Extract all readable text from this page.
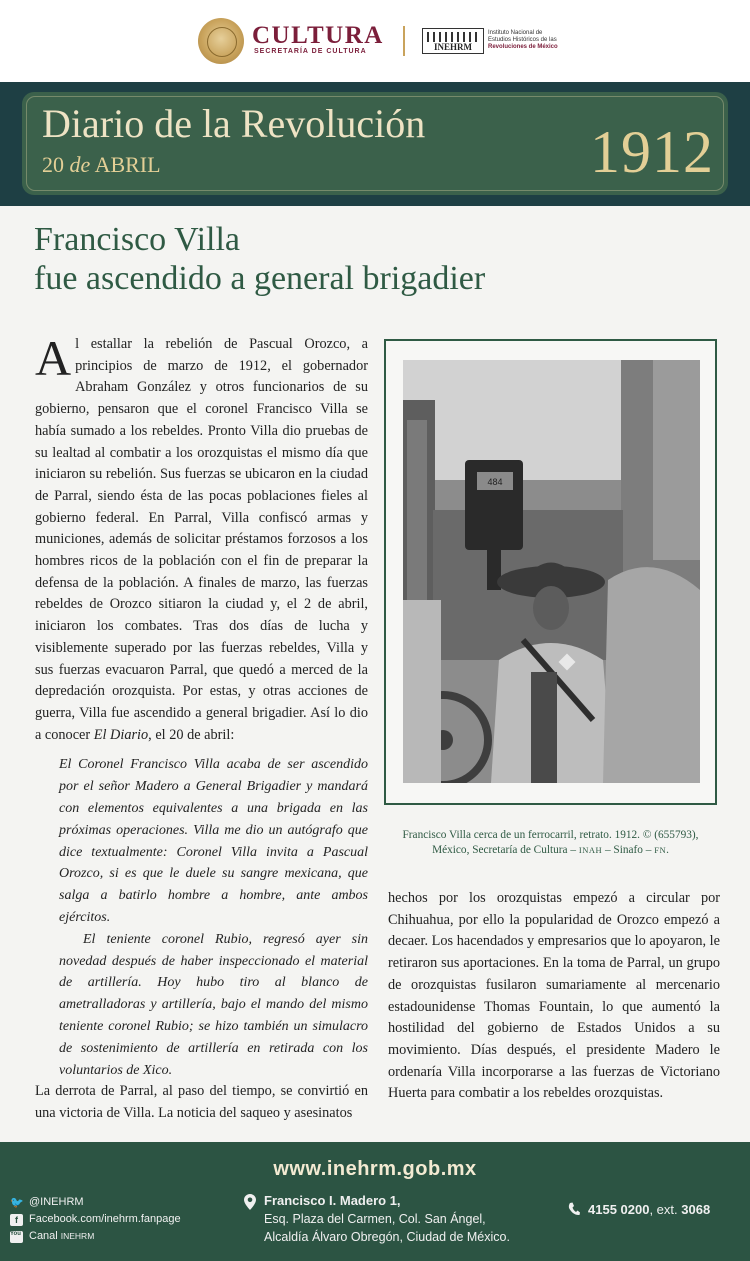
CULTURA
SECRETARÍA DE CULTURA	INEHRM
Instituto Nacional de
Estudios Históricos de las
Revoluciones de México
Diario de la Revolución
20 de ABRIL	1912
Francisco Villa
fue ascendido a general brigadier

Al estallar la rebelión de Pascual Orozco, a principios de marzo de 1912, el gobernador Abraham González y otros funcionarios de su gobierno, pensaron que el coronel Francisco Villa se había sumado a los rebeldes. Pronto Villa dio pruebas de su lealtad al combatir a los orozquistas el mismo día que iniciaron su rebelión. Sus fuerzas se ubicaron en la ciudad de Parral, siendo ésta de las pocas poblaciones fieles al gobierno federal. En Parral, Villa confiscó armas y municiones, además de solicitar préstamos forzosos a los hombres ricos de la población con el fin de preparar la defensa de la población. A finales de marzo, las fuerzas rebeldes de Orozco sitiaron la ciudad y, el 2 de abril, iniciaron los combates. Tras dos días de lucha y visiblemente superado por las fuerzas rebeldes, Villa y sus fuerzas evacuaron Parral, que quedó a merced de la depredación orozquista. Por estas, y otras acciones de guerra, Villa fue ascendido a general brigadier. Así lo dio a conocer El Diario, el 20 de abril:

El Coronel Francisco Villa acaba de ser ascendido por el señor Madero a General Brigadier y mandará con elementos equivalentes a una brigada en las próximas operaciones. Villa me dio un autógrafo que dice textualmente: Coronel Villa invita a Pascual Orozco, si es que le duele su sangre mexicana, que salga a batirlo hombre a hombre, ante ambos ejércitos.

El teniente coronel Rubio, regresó ayer sin novedad después de haber inspeccionado el material de artillería. Hoy hubo tiro al blanco de ametralladoras y artillería, bajo el mando del mismo teniente coronel Rubio; se hizo también un simulacro de sostenimiento de artillería en retirada con los voluntarios de Xico.

La derrota de Parral, al paso del tiempo, se convirtió en una victoria de Villa. La noticia del saqueo y asesinatos

484
Francisco Villa cerca de un ferrocarril, retrato. 1912. © (655793),
México, Secretaría de Cultura – INAH – Sinafo – FN.

hechos por los orozquistas empezó a circular por Chihuahua, por ello la popularidad de Orozco empezó a decaer. Los hacendados y empresarios que lo apoyaron, le retiraron sus aportaciones. En la toma de Parral, un grupo de orozquistas fusilaron sumariamente al mercenario estadounidense Thomas Fountain, lo que aumentó la hostilidad del gobierno de Estados Unidos a su movimiento. Días después, el presidente Madero le ordenaría Villa incorporarse a las fuerzas de Victoriano Huerta para combatir a los rebeldes orozquistas.

www.inehrm.gob.mx
🐦 @INEHRM
f	Facebook.com/inehrm.fanpage
You Tube
Canal INEHRM
Francisco I. Madero 1,
Esq. Plaza del Carmen, Col. San Ángel,
Alcaldía Álvaro Obregón, Ciudad de México.
4155 0200, ext. 3068
